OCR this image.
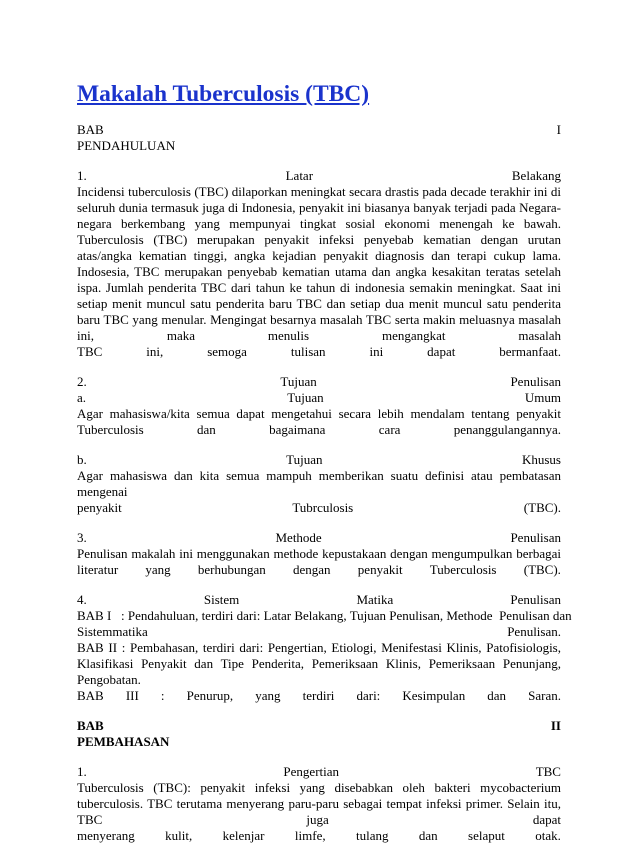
Makalah Tuberculosis (TBC)
BAB	I
PENDAHULUAN
1.	Latar	Belakang
Incidensi tuberculosis (TBC) dilaporkan meningkat secara drastis pada decade terakhir ini di seluruh dunia termasuk juga di Indonesia, penyakit ini biasanya banyak terjadi pada Negara-negara berkembang yang mempunyai tingkat sosial ekonomi menengah ke bawah. Tuberculosis (TBC) merupakan penyakit infeksi penyebab kematian dengan urutan atas/angka kematian tinggi, angka kejadian penyakit diagnosis dan terapi cukup lama. Indosesia, TBC merupakan penyebab kematian utama dan angka kesakitan teratas setelah ispa. Jumlah penderita TBC dari tahun ke tahun di indonesia semakin meningkat. Saat ini setiap menit muncul satu penderita baru TBC dan setiap dua menit muncul satu penderita baru TBC yang menular. Mengingat besarnya masalah TBC serta makin meluasnya masalah ini, maka menulis mengangkat masalah
TBC	ini,	semoga	tulisan	ini	dapat	bermanfaat.
2.	Tujuan	Penulisan
a.	Tujuan	Umum
Agar mahasiswa/kita semua dapat mengetahui secara lebih mendalam tentang penyakit
Tuberculosis	dan	bagaimana	cara	penanggulangannya.
b.	Tujuan	Khusus
Agar mahasiswa dan kita semua mampuh memberikan suatu definisi atau pembatasan mengenai
penyakit	Tubrculosis	(TBC).
3.	Methode	Penulisan
Penulisan makalah ini menggunakan methode kepustakaan dengan mengumpulkan berbagai
literatur yang berhubungan dengan penyakit Tuberculosis (TBC).
4.	Sistem	Matika	Penulisan
BAB I   : Pendahuluan, terdiri dari: Latar Belakang, Tujuan Penulisan, Methode  Penulisan dan
Sistemmatika	Penulisan.
BAB II : Pembahasan, terdiri dari: Pengertian, Etiologi, Menifestasi Klinis, Patofisiologis, Klasifikasi Penyakit dan Tipe Penderita, Pemeriksaan Klinis, Pemeriksaan Penunjang,
Pengobatan.
BAB III : Penurup, yang terdiri dari: Kesimpulan dan Saran.
BAB	II
PEMBAHASAN
1.	Pengertian	TBC
Tuberculosis (TBC): penyakit infeksi yang disebabkan oleh bakteri mycobacterium tuberculosis. TBC terutama menyerang paru-paru sebagai tempat infeksi primer. Selain itu, TBC juga dapat
menyerang kulit, kelenjar limfe, tulang dan selaput otak.
